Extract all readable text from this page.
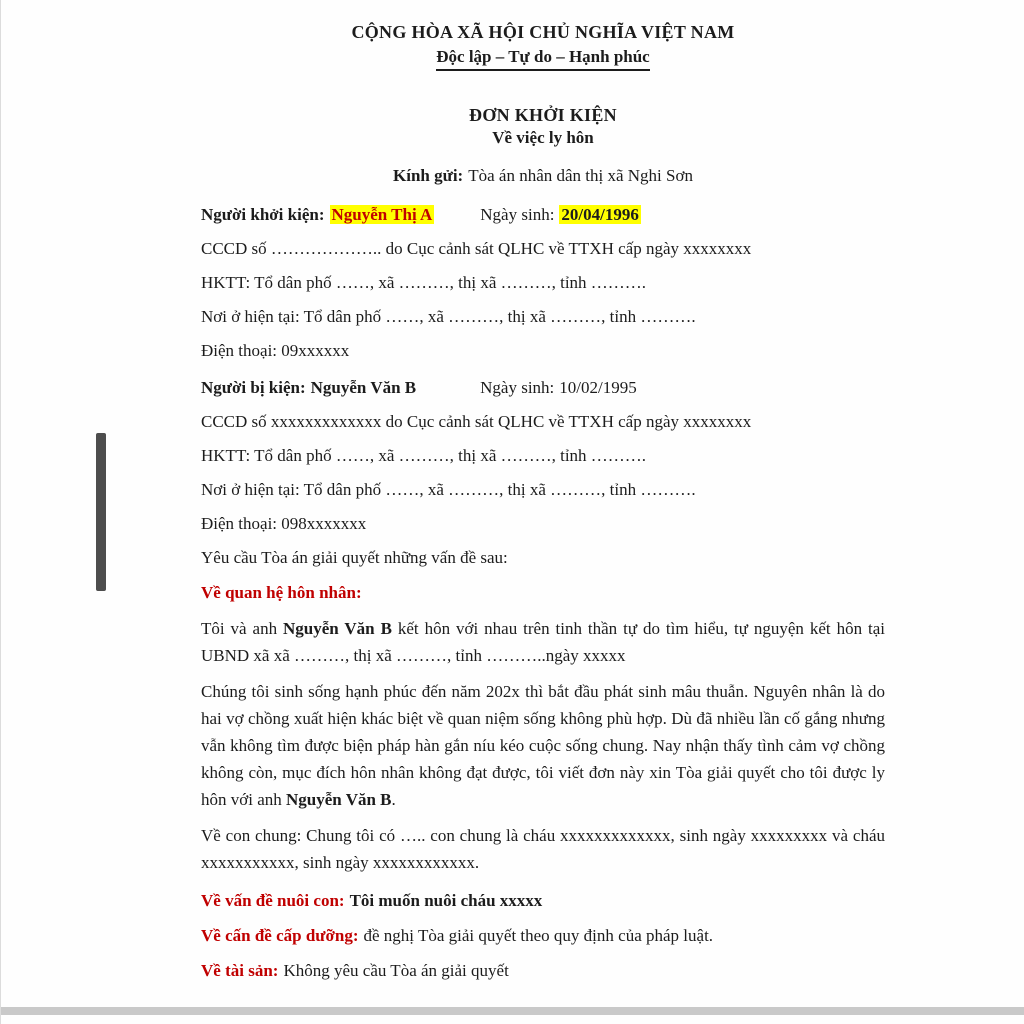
CỘNG HÒA XÃ HỘI CHỦ NGHĨA VIỆT NAM
Độc lập – Tự do – Hạnh phúc
ĐƠN KHỞI KIỆN
Về việc ly hôn
Kính gửi: Tòa án nhân dân thị xã Nghi Sơn
Người khởi kiện: Nguyễn Thị A	Ngày sinh: 20/04/1996
CCCD số ……………….. do Cục cảnh sát QLHC về TTXH cấp ngày xxxxxxxx
HKTT: Tổ dân phố ……, xã ………, thị xã ………, tỉnh ……….
Nơi ở hiện tại: Tổ dân phố ……, xã ………, thị xã ………, tỉnh ……….
Điện thoại: 09xxxxxx
Người bị kiện: Nguyễn Văn B	Ngày sinh: 10/02/1995
CCCD số xxxxxxxxxxxxx do Cục cảnh sát QLHC về TTXH cấp ngày xxxxxxxx
HKTT: Tổ dân phố ……, xã ………, thị xã ………, tỉnh ……….
Nơi ở hiện tại: Tổ dân phố ……, xã ………, thị xã ………, tỉnh ……….
Điện thoại: 098xxxxxxx
Yêu cầu Tòa án giải quyết những vấn đề sau:
Về quan hệ hôn nhân:
Tôi và anh Nguyễn Văn B kết hôn với nhau trên tinh thần tự do tìm hiểu, tự nguyện kết hôn tại UBND xã xã ………, thị xã ………, tỉnh ………..ngày xxxxx
Chúng tôi sinh sống hạnh phúc đến năm 202x thì bắt đầu phát sinh mâu thuẫn. Nguyên nhân là do hai vợ chồng xuất hiện khác biệt về quan niệm sống không phù hợp. Dù đã nhiều lần cố gắng nhưng vẫn không tìm được biện pháp hàn gắn níu kéo cuộc sống chung. Nay nhận thấy tình cảm vợ chồng không còn, mục đích hôn nhân không đạt được, tôi viết đơn này xin Tòa giải quyết cho tôi được ly hôn với anh Nguyễn Văn B.
Về con chung: Chung tôi có ….. con chung là cháu xxxxxxxxxxxxx, sinh ngày xxxxxxxxx và cháu xxxxxxxxxxx, sinh ngày xxxxxxxxxxxx.
Về vấn đề nuôi con: Tôi muốn nuôi cháu xxxxx
Về cấn đề cấp dưỡng: đề nghị Tòa giải quyết theo quy định của pháp luật.
Về tài sản: Không yêu cầu Tòa án giải quyết
